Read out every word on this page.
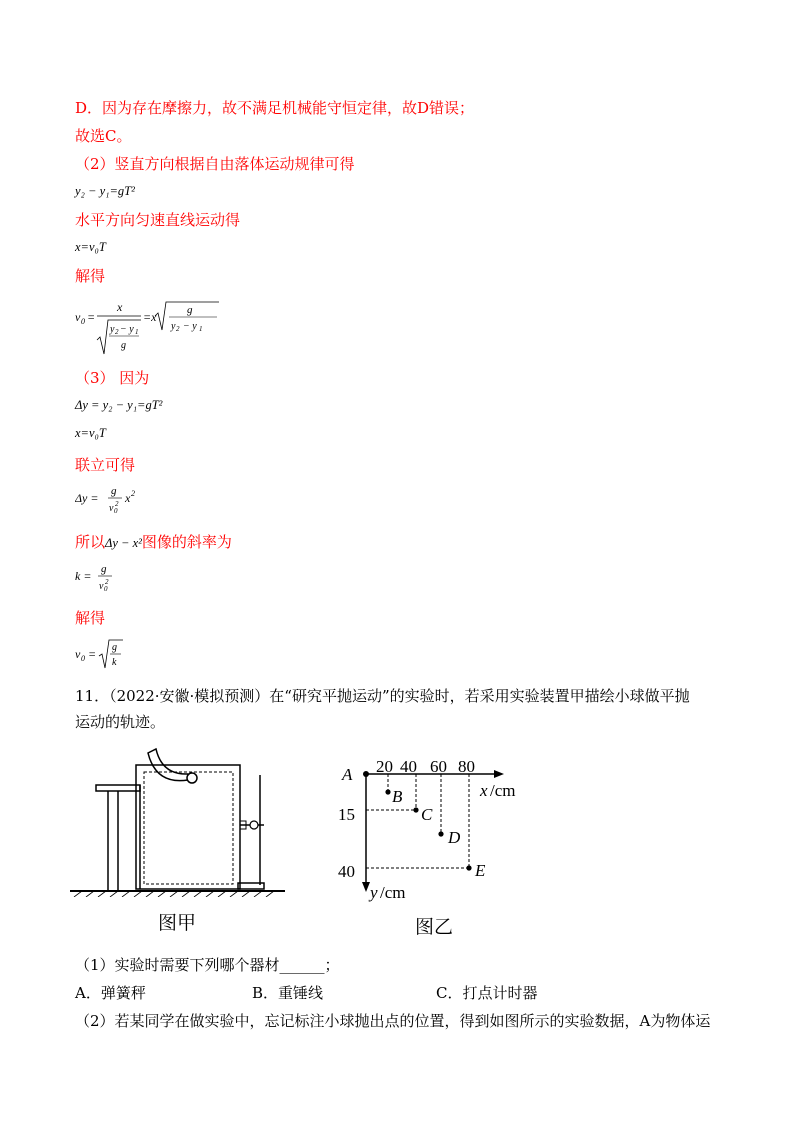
D．因为存在摩擦力，故不满足机械能守恒定律，故D错误；
故选C。
（2）竖直方向根据自由落体运动规律可得
y₂ − y₁=gT²
水平方向匀速直线运动得
x=v₀T
解得
v 0 =
x
y 2 − y 1
g
=x	g
y 2 − y 1
（3） 因为
Δy = y₂ − y₁=gT²
x=v₀T
联立可得
Δy = g
v 0
2 x 2
所以Δy − x²图像的斜率为
k = g
v 0
2
解得
v 0 = g
k
11．（2022·安徽·模拟预测）在“研究平抛运动”的实验时，若采用实验装置甲描绘小球做平抛
运动的轨迹。
图甲
A 20 40 60 80
x /cm
15
40
y /cm
B
C
D
E
图乙
（1）实验时需要下列哪个器材______；
A．弹簧秤	B．重锤线	C．打点计时器
（2）若某同学在做实验中，忘记标注小球抛出点的位置，得到如图所示的实验数据，A为物体运
